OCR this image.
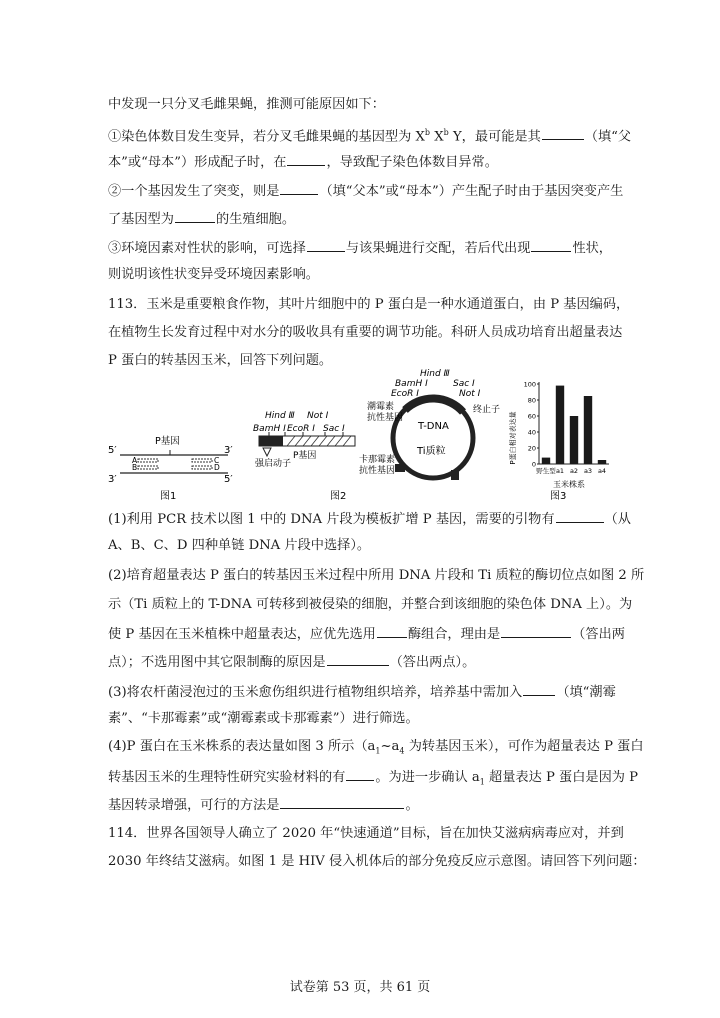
中发现一只分叉毛雌果蝇，推测可能原因如下：
①染色体数目发生变异，若分叉毛雌果蝇的基因型为 $X^b$ $X^b$ Y，最可能是其	（填“父
本”或“母本”）形成配子时，在	，导致配子染色体数目异常。
②一个基因发生了突变，则是	（填“父本”或“母本”）产生配子时由于基因突变产生
了基因型为	的生殖细胞。
③环境因素对性状的影响，可选择	与该果蝇进行交配，若后代出现	性状，
则说明该性状变异受环境因素影响。
113．玉米是重要粮食作物，其叶片细胞中的 P 蛋白是一种水通道蛋白，由 P 基因编码，
在植物生长发育过程中对水分的吸收具有重要的调节功能。科研人员成功培育出超量表达
P 蛋白的转基因玉米，回答下列问题。
5′	3′
3′	5′
P基因
A
B
C
D
图1
Hind Ⅲ Not Ⅰ
BamH Ⅰ EcoR Ⅰ Sac Ⅰ
强启动子
P基因
图2
T-DNA
Ti质粒
Hind Ⅲ
BamH Ⅰ
EcoR Ⅰ
Sac Ⅰ
Not Ⅰ
潮霉素
抗性基因
卡那霉素
抗性基因
终止子
P蛋白相对表达量
玉米株系
图3
0
20
40
60
80
100
野生型 a1 a2 a3 a4
(1)利用 PCR 技术以图 1 中的 DNA 片段为模板扩增 P 基因，需要的引物有	（从
A、B、C、D 四种单链 DNA 片段中选择）。
(2)培育超量表达 P 蛋白的转基因玉米过程中所用 DNA 片段和 Ti 质粒的酶切位点如图 2 所
示（Ti 质粒上的 T-DNA 可转移到被侵染的细胞，并整合到该细胞的染色体 DNA 上）。为
使 P 基因在玉米植株中超量表达，应优先选用 酶组合，理由是	（答出两
点）；不选用图中其它限制酶的原因是	（答出两点）。
(3)将农杆菌浸泡过的玉米愈伤组织进行植物组织培养，培养基中需加入	（填“潮霉
素”、“卡那霉素”或“潮霉素或卡那霉素”）进行筛选。
(4)P 蛋白在玉米株系的表达量如图 3 所示（$a_1\sim a_4$ 为转基因玉米），可作为超量表达 P 蛋白
转基因玉米的生理特性研究实验材料的有 。为进一步确认 $a_1$ 超量表达 P 蛋白是因为 P
基因转录增强，可行的方法是	。
114．世界各国领导人确立了 2020 年“快速通道”目标，旨在加快艾滋病病毒应对，并到
2030 年终结艾滋病。如图 1 是 HIV 侵入机体后的部分免疫反应示意图。请回答下列问题：
试卷第 53 页，共 61 页
